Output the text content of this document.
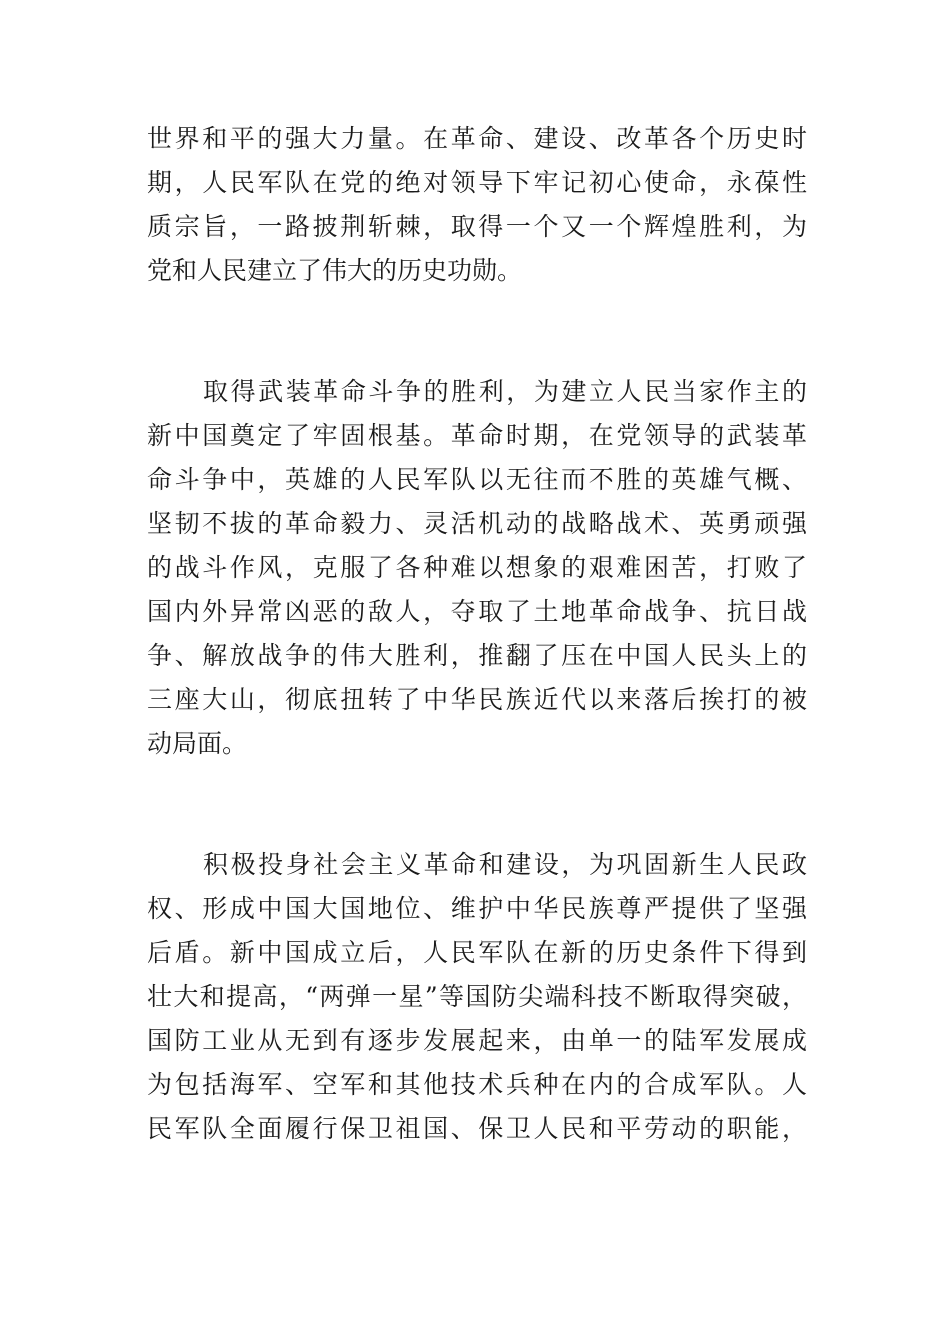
世界和平的强大力量。在革命、建设、改革各个历史时
期，人民军队在党的绝对领导下牢记初心使命，永葆性
质宗旨，一路披荆斩棘，取得一个又一个辉煌胜利，为
党和人民建立了伟大的历史功勋。
取得武装革命斗争的胜利，为建立人民当家作主的
新中国奠定了牢固根基。革命时期，在党领导的武装革
命斗争中，英雄的人民军队以无往而不胜的英雄气概、
坚韧不拔的革命毅力、灵活机动的战略战术、英勇顽强
的战斗作风，克服了各种难以想象的艰难困苦，打败了
国内外异常凶恶的敌人，夺取了土地革命战争、抗日战
争、解放战争的伟大胜利，推翻了压在中国人民头上的
三座大山，彻底扭转了中华民族近代以来落后挨打的被
动局面。
积极投身社会主义革命和建设，为巩固新生人民政
权、形成中国大国地位、维护中华民族尊严提供了坚强
后盾。新中国成立后，人民军队在新的历史条件下得到
壮大和提高，“两弹一星”等国防尖端科技不断取得突破，
国防工业从无到有逐步发展起来，由单一的陆军发展成
为包括海军、空军和其他技术兵种在内的合成军队。人
民军队全面履行保卫祖国、保卫人民和平劳动的职能，
